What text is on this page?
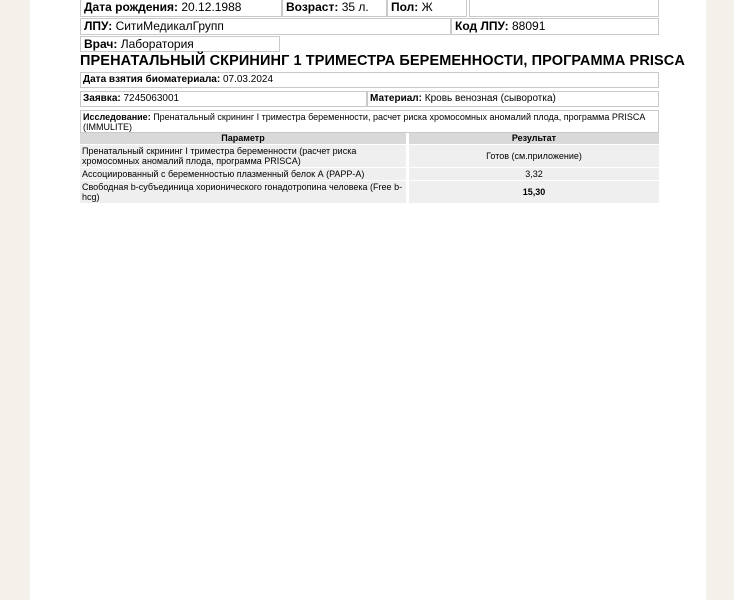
Дата рождения: 20.12.1988	Возраст: 35 л.	Пол: Ж
ЛПУ: СитиМедикалГрупп	Код ЛПУ: 88091
Врач: Лаборатория
ПРЕНАТАЛЬНЫЙ СКРИНИНГ 1 ТРИМЕСТРА БЕРЕМЕННОСТИ, ПРОГРАММА PRISCA
Дата взятия биоматериала: 07.03.2024
Заявка: 7245063001	Материал: Кровь венозная (сыворотка)
Исследование: Пренатальный скрининг I триместра беременности, расчет риска хромосомных аномалий плода, программа PRISCA (IMMULITE)
Параметр		Результат
Пренатальный скрининг I триместра беременности (расчет риска хромосомных аномалий плода, программа PRISCA)		Готов (см.приложение)
Ассоциированный с беременностью плазменный белок А (PAPP-A)		3,32
Свободная b-субъединица хорионического гонадотропина человека (Free b-hcg)		15,30
